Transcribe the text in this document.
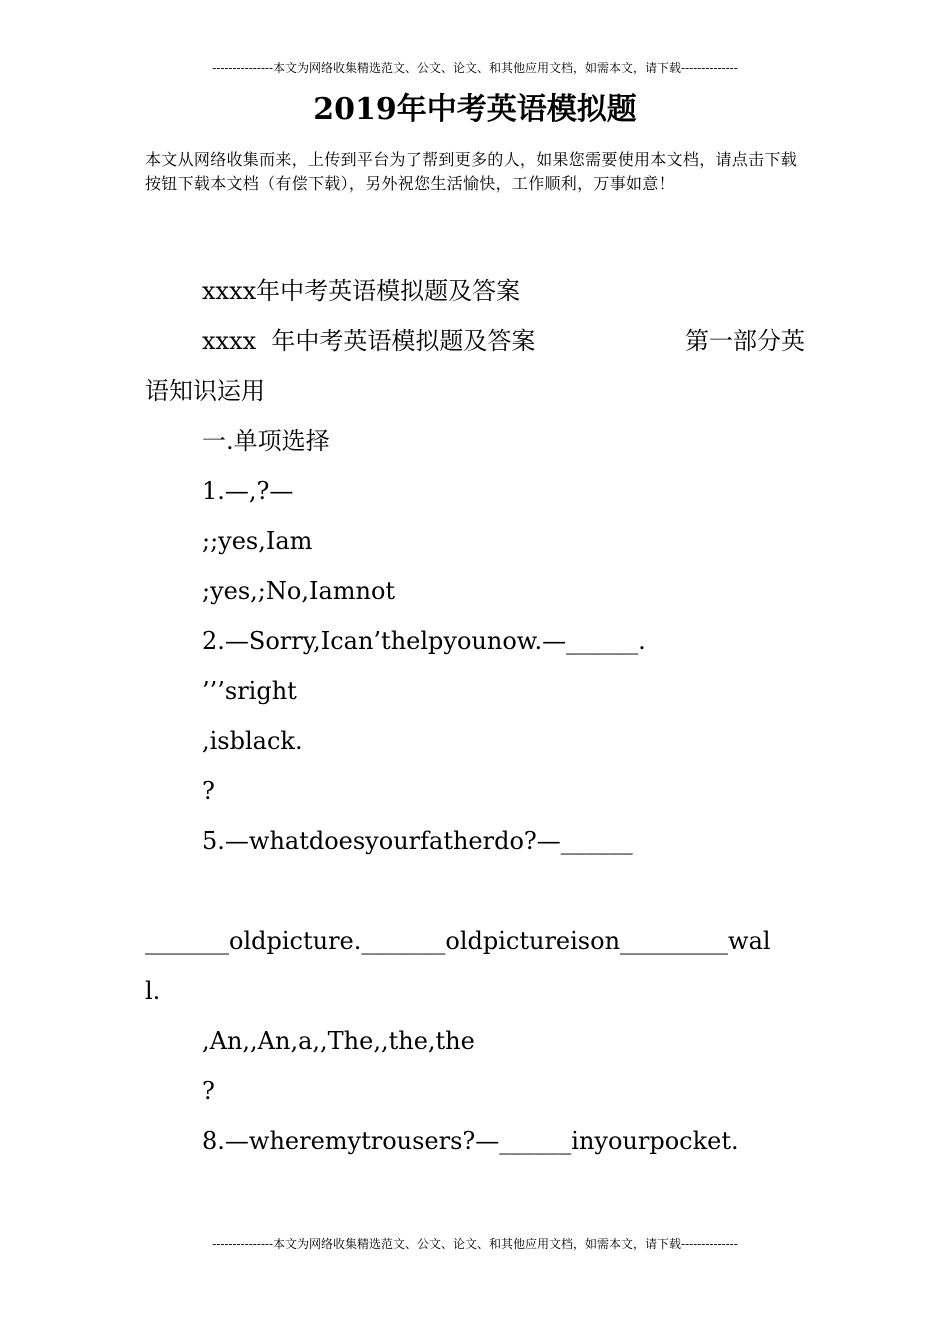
---------------本文为网络收集精选范文、公文、论文、和其他应用文档，如需本文，请下载--------------
2019年中考英语模拟题
本文从网络收集而来，上传到平台为了帮到更多的人，如果您需要使用本文档，请点击下载按钮下载本文档（有偿下载），另外祝您生活愉快，工作顺利，万事如意！
xxxx年中考英语模拟题及答案
xxxx  年中考英语模拟题及答案	第一部分英
语知识运用
一.单项选择
1.—,?—
;;yes,Iam
;yes,;No,Iamnot
2.—Sorry,Ican’thelpyounow.—______.
’’’sright
,isblack.
?
5.—whatdoesyourfatherdo?—______
_______oldpicture._______oldpictureison_________wal
l.
,An,,An,a,,The,,the,the
?
8.—wheremytrousers?—______inyourpocket.
---------------本文为网络收集精选范文、公文、论文、和其他应用文档，如需本文，请下载--------------
